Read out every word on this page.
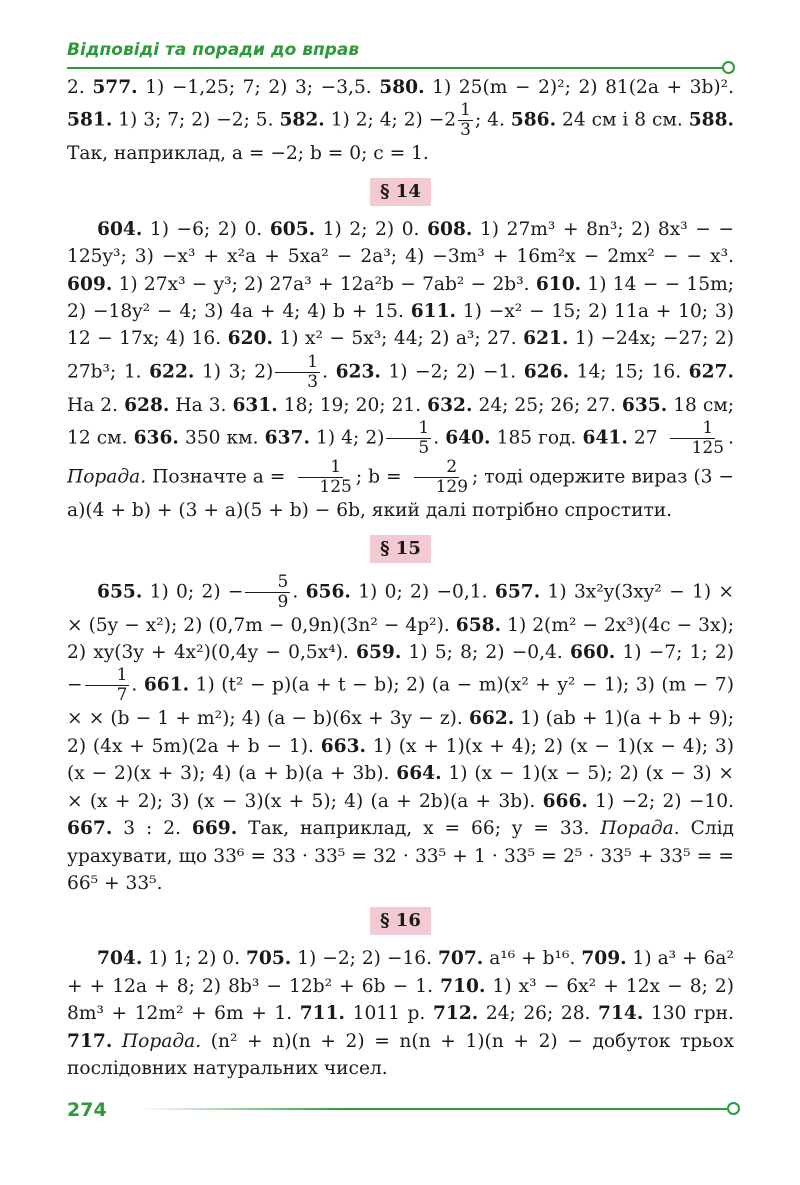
Відповіді та поради до вправ

2. 577. 1) −1,25; 7; 2) 3; −3,5. 580. 1) 25(m − 2)²; 2) 81(2a + 3b)². 581. 1) 3; 7; 2) −2; 5. 582. 1) 2; 4; $2) -2 \frac{1}{3}$ ; 4. 586. 24 см і 8 см. 588. Так, наприклад, a = −2; b = 0; c = 1.

§ 14

604. 1) −6; 2) 0. 605. 1) 2; 2) 0. 608. 1) 27m³ + 8n³; 2) 8x³ − − 125y³; 3) −x³ + x²a + 5xa² − 2a³; 4) −3m³ + 16m²x − 2mx² − − x³. 609. 1) 27x³ − y³; 2) 27a³ + 12a²b − 7ab² − 2b³. 610. 1) 14 − − 15m; 2) −18y² − 4; 3) 4a + 4; 4) b + 15. 611. 1) −x² − 15; 2) 11a + 10; 3) 12 − 17x; 4) 16. 620. 1) x² − 5x³; 44; 2) a³; 27. 621. 1) −24x; −27; 2) 27b³; 1. 622. 1) 3; $2) \frac{1}{3}$ . 623. 1) −2; 2) −1. 626. 14; 15; 16. 627. На 2. 628. На 3. 631. 18; 19; 20; 21. 632. 24; 25; 26; 27. 635. 18 см; 12 см. 636. 350 км. 637. 1) 4; $2) \frac{1}{5}$ . 640. 185 год. 641. $27 \frac{1}{125}$ . Порада. Позначте $a = \frac{1}{125}$ ; $b = \frac{2}{129}$ ; тоді одержите вираз (3 − a)(4 + b) + (3 + a)(5 + b) − 6b, який далі потрібно спростити.

§ 15

655. 1) 0; $2) - \frac{5}{9}$ . 656. 1) 0; 2) −0,1. 657. 1) 3x²y(3xy² − 1) × × (5y − x²); 2) (0,7m − 0,9n)(3n² − 4p²). 658. 1) 2(m² − 2x³)(4c − 3x); 2) xy(3y + 4x²)(0,4y − 0,5x⁴). 659. 1) 5; 8; 2) −0,4. 660. 1) −7; 1; $2) - \frac{1}{7}$ . 661. 1) (t² − p)(a + t − b); 2) (a − m)(x² + y² − 1); 3) (m − 7) × × (b − 1 + m²); 4) (a − b)(6x + 3y − z). 662. 1) (ab + 1)(a + b + 9); 2) (4x + 5m)(2a + b − 1). 663. 1) (x + 1)(x + 4); 2) (x − 1)(x − 4); 3) (x − 2)(x + 3); 4) (a + b)(a + 3b). 664. 1) (x − 1)(x − 5); 2) (x − 3) × × (x + 2); 3) (x − 3)(x + 5); 4) (a + 2b)(a + 3b). 666. 1) −2; 2) −10. 667. 3 : 2. 669. Так, наприклад, x = 66; y = 33. Порада. Слід урахувати, що 33⁶ = 33 · 33⁵ = 32 · 33⁵ + 1 · 33⁵ = 2⁵ · 33⁵ + 33⁵ = = 66⁵ + 33⁵.

§ 16

704. 1) 1; 2) 0. 705. 1) −2; 2) −16. 707. a¹⁶ + b¹⁶. 709. 1) a³ + 6a² + + 12a + 8; 2) 8b³ − 12b² + 6b − 1. 710. 1) x³ − 6x² + 12x − 8; 2) 8m³ + 12m² + 6m + 1. 711. 1011 р. 712. 24; 26; 28. 714. 130 грн. 717. Порада. (n² + n)(n + 2) = n(n + 1)(n + 2) − добуток трьох послідовних натуральних чисел.

274
